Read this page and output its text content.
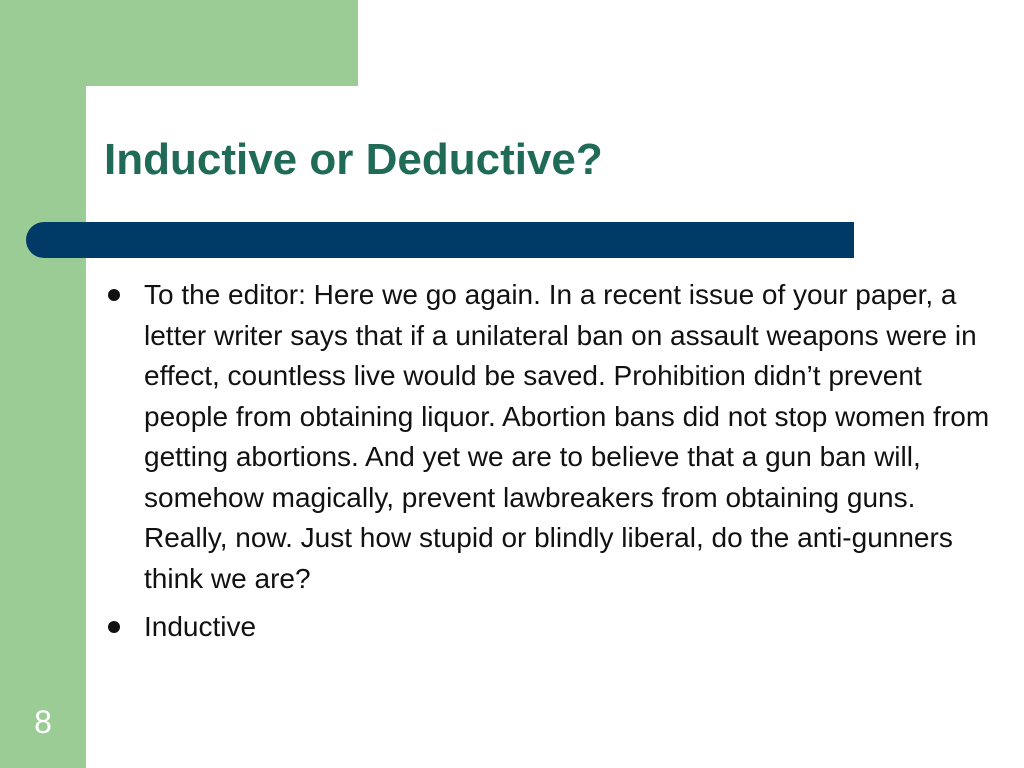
Inductive or Deductive?
To the editor: Here we go again. In a recent issue of your paper, a letter writer says that if a unilateral ban on assault weapons were in effect, countless live would be saved. Prohibition didn’t prevent people from obtaining liquor. Abortion bans did not stop women from getting abortions. And yet we are to believe that a gun ban will, somehow magically, prevent lawbreakers from obtaining guns. Really, now. Just how stupid or blindly liberal, do the anti-gunners think we are?
Inductive
8
